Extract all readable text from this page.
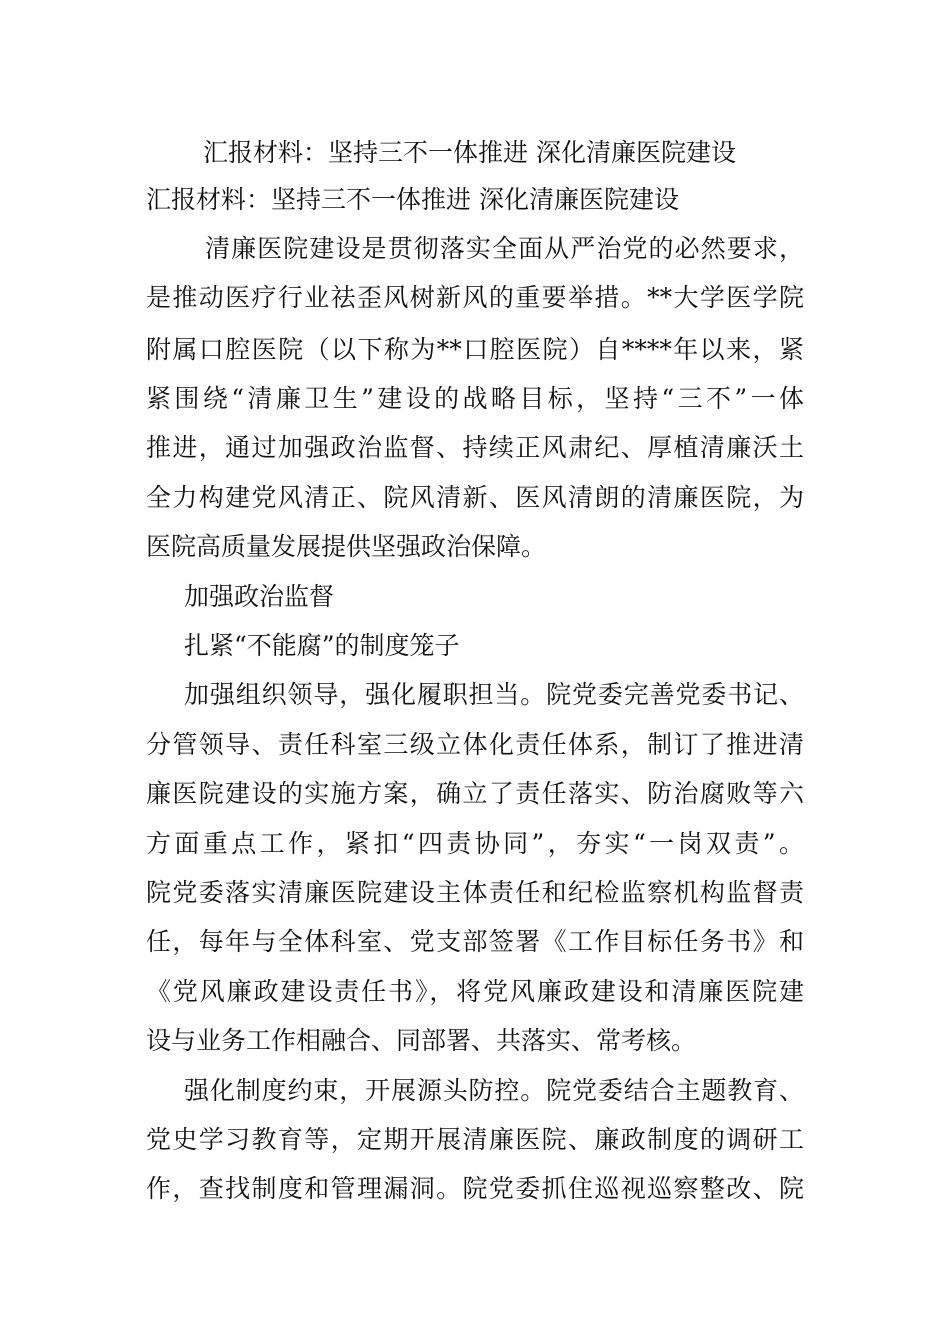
汇报材料：坚持三不一体推进 深化清廉医院建设
汇报材料：坚持三不一体推进 深化清廉医院建设
清廉医院建设是贯彻落实全面从严治党的必然要求，
是推动医疗行业祛歪风树新风的重要举措。**大学医学院
附属口腔医院（以下称为**口腔医院）自****年以来，紧
紧围绕“清廉卫生”建设的战略目标，坚持“三不”一体
推进，通过加强政治监督、持续正风肃纪、厚植清廉沃土
全力构建党风清正、院风清新、医风清朗的清廉医院，为
医院高质量发展提供坚强政治保障。
加强政治监督
扎紧“不能腐”的制度笼子
加强组织领导，强化履职担当。院党委完善党委书记、
分管领导、责任科室三级立体化责任体系，制订了推进清
廉医院建设的实施方案，确立了责任落实、防治腐败等六
方面重点工作，紧扣“四责协同”，夯实“一岗双责”。
院党委落实清廉医院建设主体责任和纪检监察机构监督责
任，每年与全体科室、党支部签署《工作目标任务书》和
《党风廉政建设责任书》，将党风廉政建设和清廉医院建
设与业务工作相融合、同部署、共落实、常考核。
强化制度约束，开展源头防控。院党委结合主题教育、
党史学习教育等，定期开展清廉医院、廉政制度的调研工
作，查找制度和管理漏洞。院党委抓住巡视巡察整改、院
